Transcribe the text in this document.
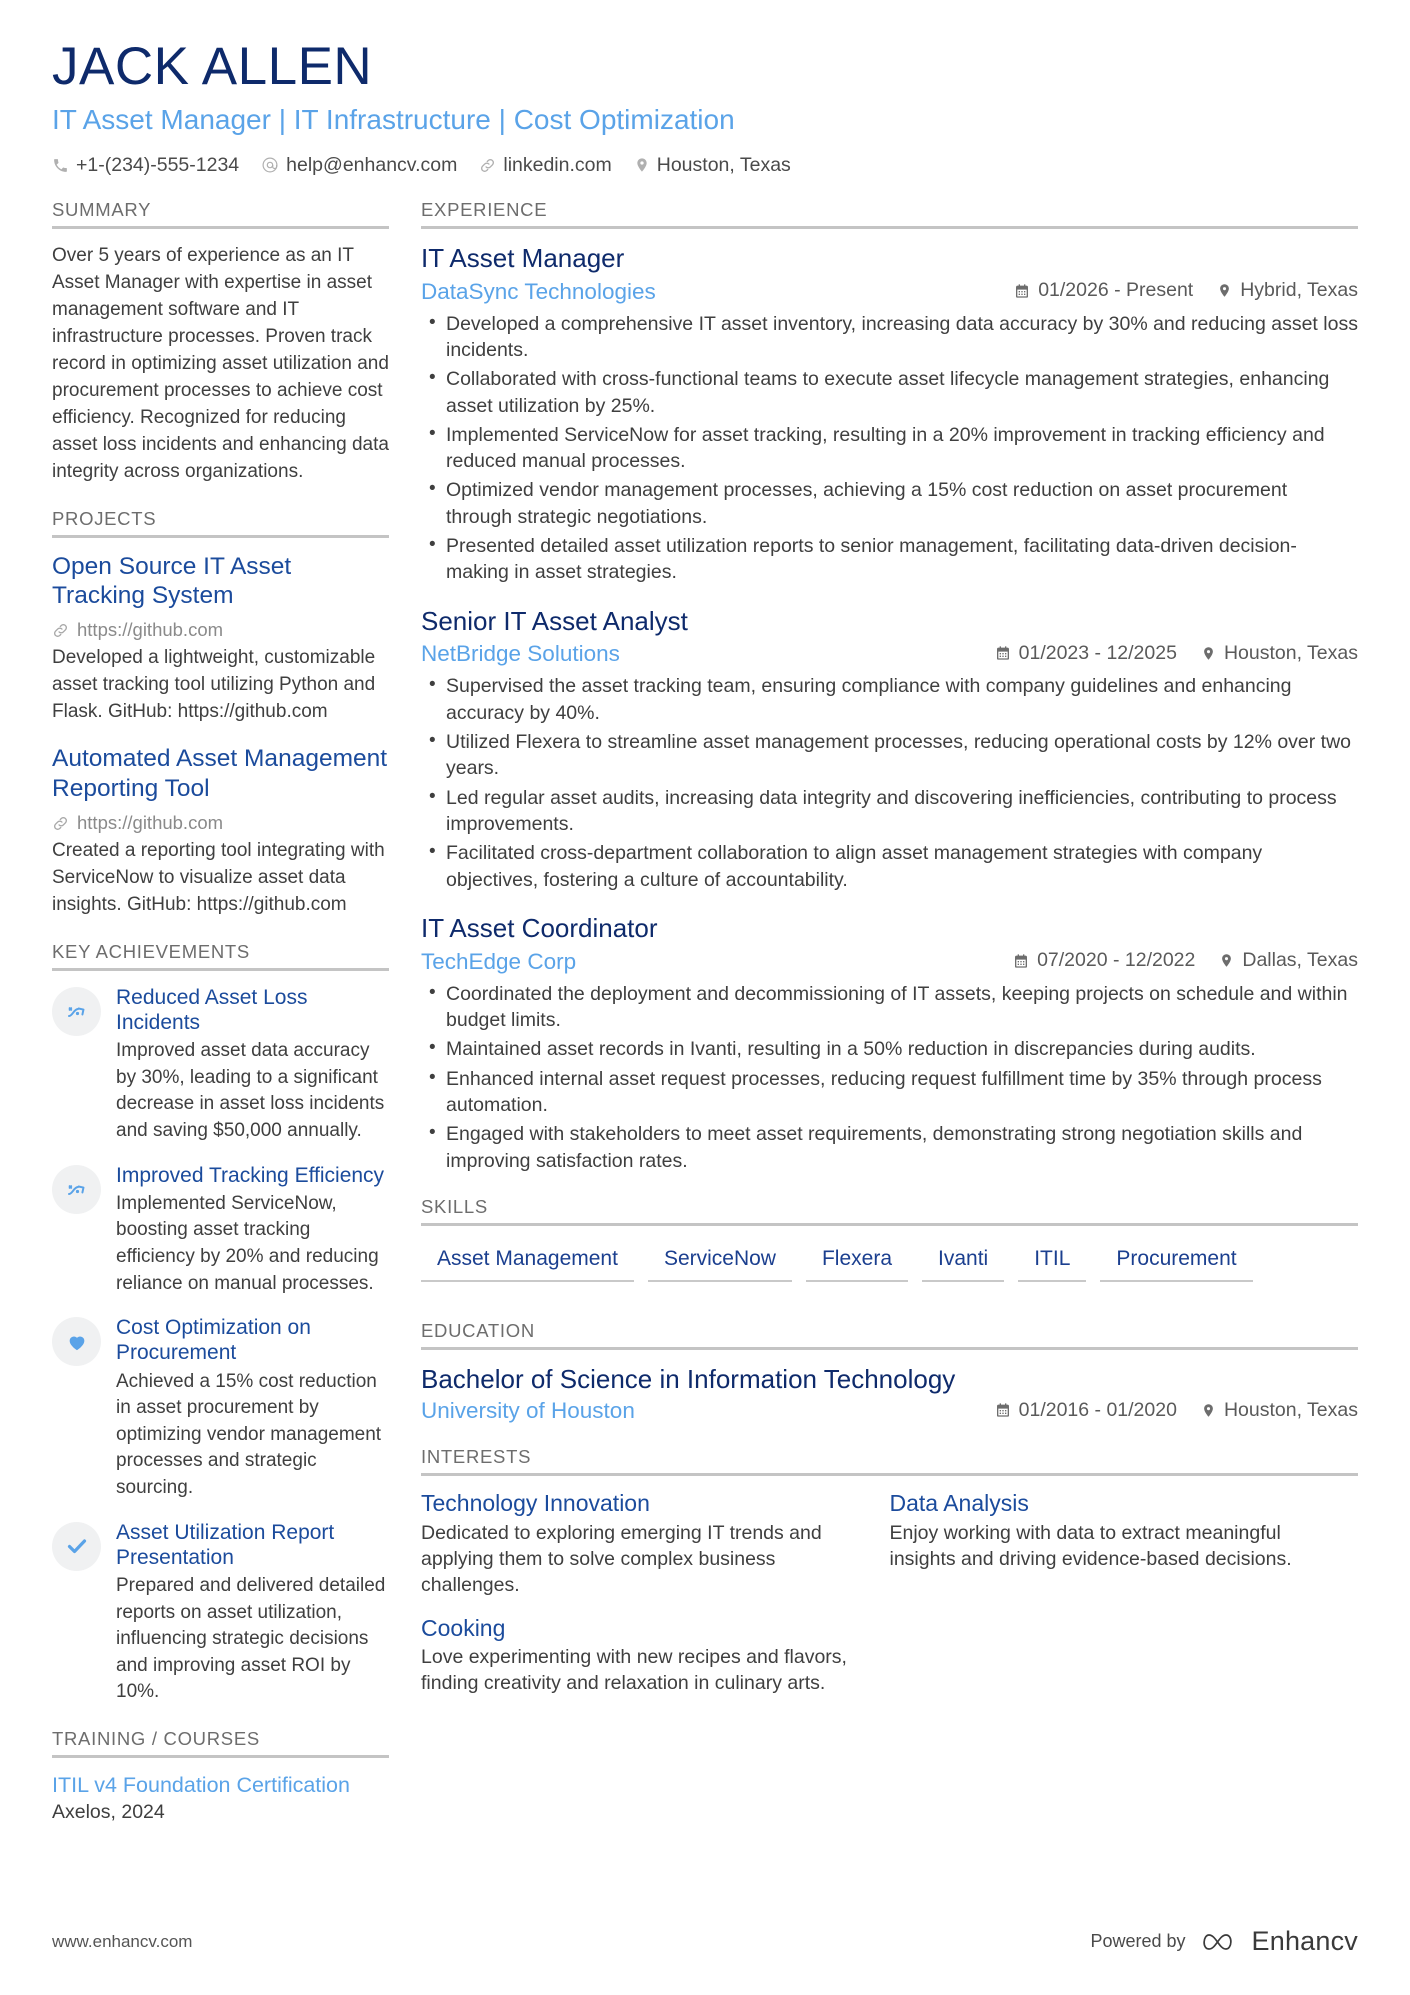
JACK ALLEN
IT Asset Manager | IT Infrastructure | Cost Optimization
+1-(234)-555-1234 help@enhancv.com linkedin.com Houston, Texas
SUMMARY
Over 5 years of experience as an IT Asset Manager with expertise in asset management software and IT infrastructure processes. Proven track record in optimizing asset utilization and procurement processes to achieve cost efficiency. Recognized for reducing asset loss incidents and enhancing data integrity across organizations.
PROJECTS
Open Source IT Asset Tracking System
https://github.com
Developed a lightweight, customizable asset tracking tool utilizing Python and Flask. GitHub: https://github.com
Automated Asset Management Reporting Tool
https://github.com
Created a reporting tool integrating with ServiceNow to visualize asset data insights. GitHub: https://github.com
KEY ACHIEVEMENTS
Reduced Asset Loss Incidents
Improved asset data accuracy by 30%, leading to a significant decrease in asset loss incidents and saving $50,000 annually.
Improved Tracking Efficiency
Implemented ServiceNow, boosting asset tracking efficiency by 20% and reducing reliance on manual processes.
Cost Optimization on Procurement
Achieved a 15% cost reduction in asset procurement by optimizing vendor management processes and strategic sourcing.
Asset Utilization Report Presentation
Prepared and delivered detailed reports on asset utilization, influencing strategic decisions and improving asset ROI by 10%.
TRAINING / COURSES
ITIL v4 Foundation Certification
Axelos, 2024
EXPERIENCE
IT Asset Manager
DataSync Technologies	01/2026 - Present Hybrid, Texas
• Developed a comprehensive IT asset inventory, increasing data accuracy by 30% and reducing asset loss incidents.
• Collaborated with cross-functional teams to execute asset lifecycle management strategies, enhancing asset utilization by 25%.
• Implemented ServiceNow for asset tracking, resulting in a 20% improvement in tracking efficiency and reduced manual processes.
• Optimized vendor management processes, achieving a 15% cost reduction on asset procurement through strategic negotiations.
• Presented detailed asset utilization reports to senior management, facilitating data-driven decision-making in asset strategies.
Senior IT Asset Analyst
NetBridge Solutions	01/2023 - 12/2025 Houston, Texas
• Supervised the asset tracking team, ensuring compliance with company guidelines and enhancing accuracy by 40%.
• Utilized Flexera to streamline asset management processes, reducing operational costs by 12% over two years.
• Led regular asset audits, increasing data integrity and discovering inefficiencies, contributing to process improvements.
• Facilitated cross-department collaboration to align asset management strategies with company objectives, fostering a culture of accountability.
IT Asset Coordinator
TechEdge Corp	07/2020 - 12/2022 Dallas, Texas
• Coordinated the deployment and decommissioning of IT assets, keeping projects on schedule and within budget limits.
• Maintained asset records in Ivanti, resulting in a 50% reduction in discrepancies during audits.
• Enhanced internal asset request processes, reducing request fulfillment time by 35% through process automation.
• Engaged with stakeholders to meet asset requirements, demonstrating strong negotiation skills and improving satisfaction rates.
SKILLS
Asset Management	ServiceNow	Flexera	Ivanti	ITIL	Procurement
EDUCATION
Bachelor of Science in Information Technology
University of Houston	01/2016 - 01/2020 Houston, Texas
INTERESTS
Technology Innovation
Dedicated to exploring emerging IT trends and applying them to solve complex business challenges.
Data Analysis
Enjoy working with data to extract meaningful insights and driving evidence-based decisions.
Cooking
Love experimenting with new recipes and flavors, finding creativity and relaxation in culinary arts.
www.enhancv.com	Powered by Enhancv
